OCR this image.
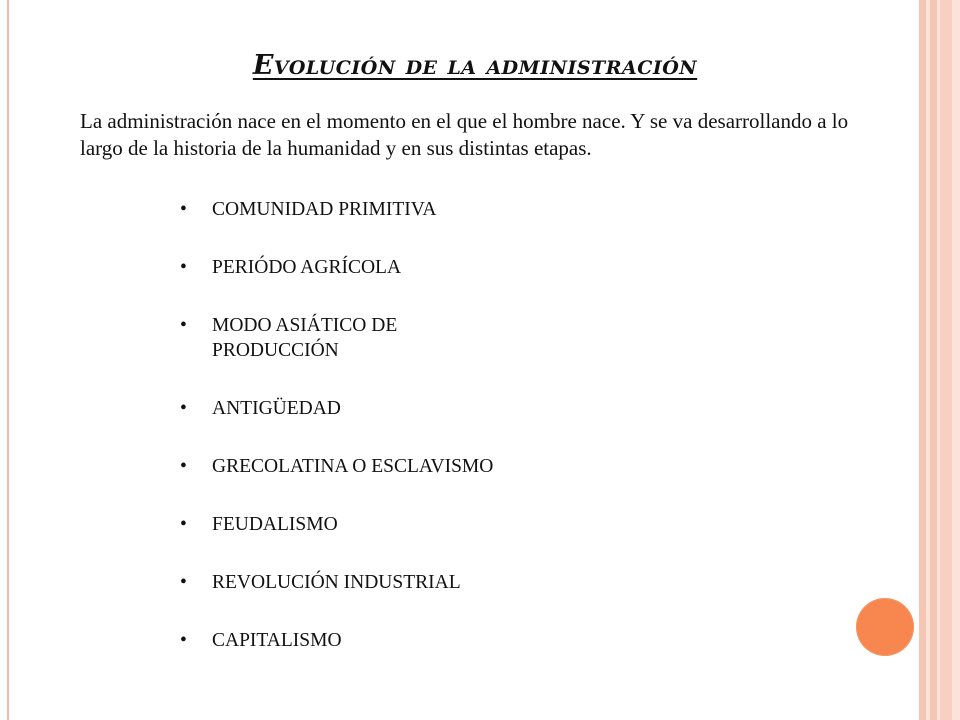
Evolución de la administración

La administración nace en el momento en el que el hombre nace. Y se va desarrollando a lo largo de la historia de la humanidad y en sus distintas etapas.

•	COMUNIDAD PRIMITIVA
•	PERIÓDO AGRÍCOLA
•	MODO ASIÁTICO DE PRODUCCIÓN
•	ANTIGÜEDAD
•	GRECOLATINA O ESCLAVISMO
•	FEUDALISMO
•	REVOLUCIÓN INDUSTRIAL
•	CAPITALISMO
